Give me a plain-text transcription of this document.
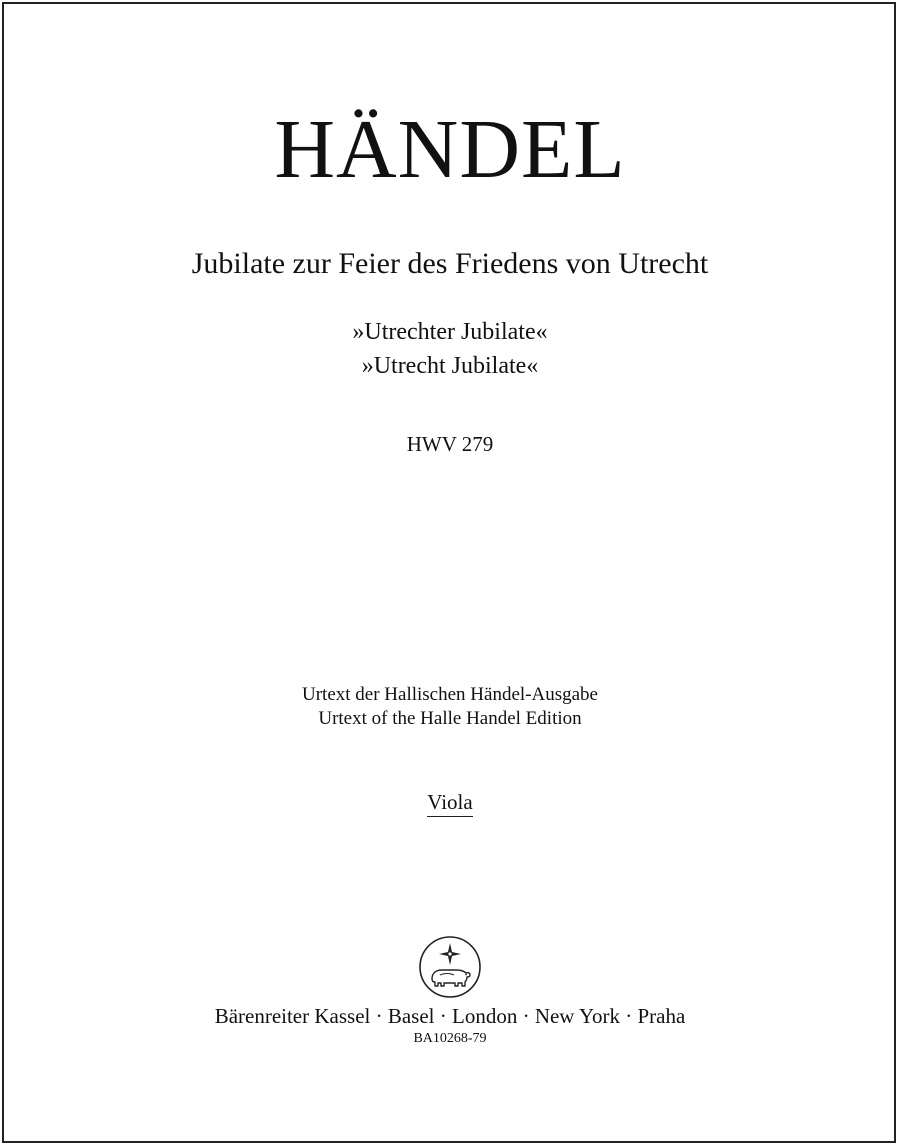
HÄNDEL
Jubilate zur Feier des Friedens von Utrecht
»Utrechter Jubilate«
»Utrecht Jubilate«
HWV 279
Urtext der Hallischen Händel-Ausgabe
Urtext of the Halle Handel Edition
Viola
Bärenreiter Kassel · Basel · London · New York · Praha
BA10268-79
